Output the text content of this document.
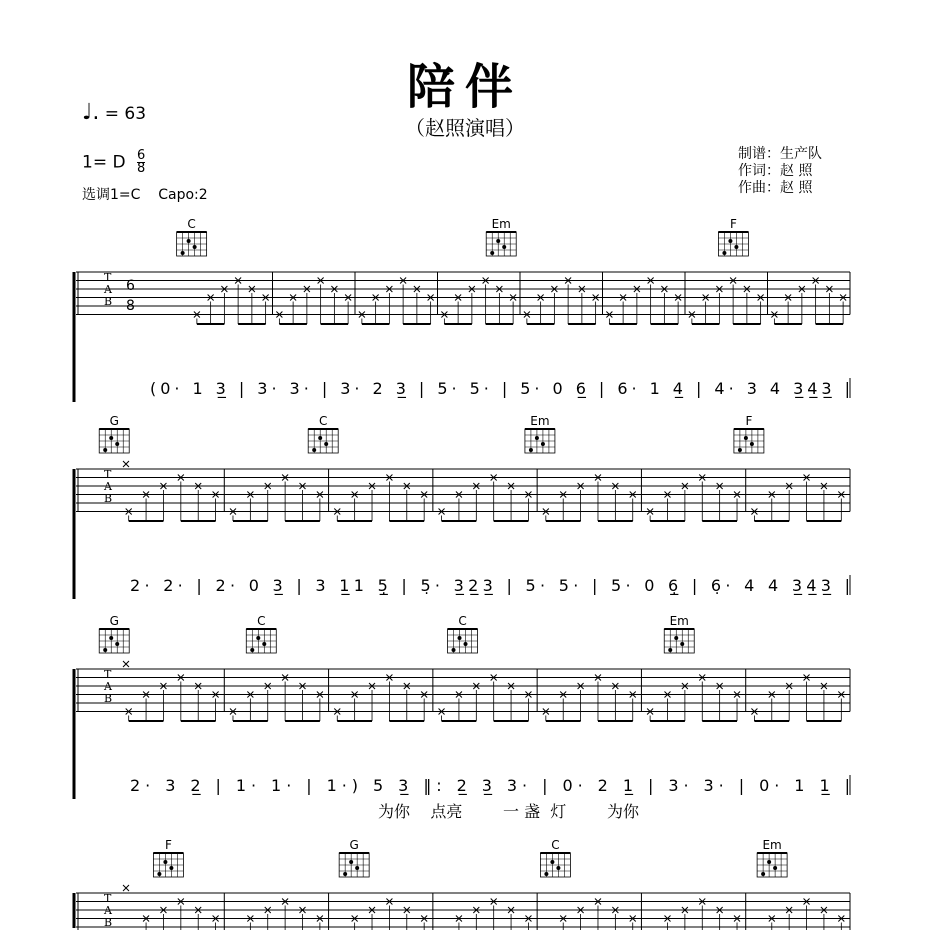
陪伴
（赵照演唱）
♩. = 63
1= D $\frac{6}{8}$
选调1=C    Capo:2
制谱：生产队
作词：赵 照
作曲：赵 照
T
A
B
6
8
C	Em	F
(0· 1 3̲ | 3· 3· | 3· 2 3̲ | 5· 5· | 5· 0 6̲ | 6· 1 4̲ | 4· 3 4 3̲4̲3̲ |
T
A
B
G	C	Em	F
2· 2· | 2· 0 3̲ | 3 1̲1 5̣̲ | 5̣· 3̲2̲3̲ | 5· 5· | 5· 0 6̣̲ | 6̣· 4 4 3̲4̲3̲ |
T
A
B
G	C	C	Em
2· 3 2̲ | 1· 1· | 1·) 5 3̲ ‖: 2̲ 3̲ 3· | 0· 2 1̲ | 3· 3· | 0· 1 1̲ |
为你    点亮        一 盏  灯        为你
T
A
B
F	G	C	Em
